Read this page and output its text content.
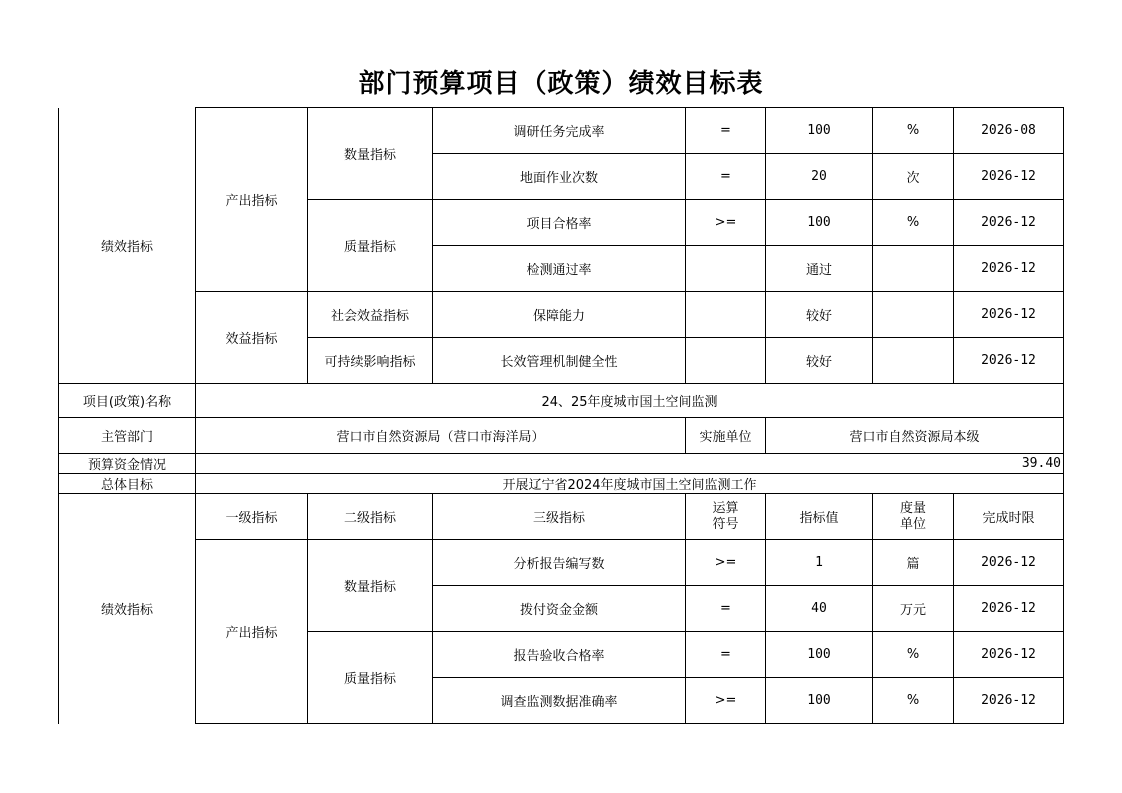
部门预算项目（政策）绩效目标表
绩效指标	产出指标	数量指标	调研任务完成率	=	100	%	2026-08
			地面作业次数	=	20	次	2026-12
		质量指标	项目合格率	>=	100	%	2026-12
			检测通过率		通过		2026-12
	效益指标	社会效益指标	保障能力		较好		2026-12
		可持续影响指标	长效管理机制健全性		较好		2026-12
项目(政策)名称	24、25年度城市国土空间监测						
主管部门	营口市自然资源局（营口市海洋局）			实施单位	营口市自然资源局本级		
预算资金情况	39.40						
总体目标	开展辽宁省2024年度城市国土空间监测工作						
绩效指标	一级指标	二级指标	三级指标	运算符号	指标值	度量单位	完成时限
	产出指标	数量指标	分析报告编写数	>=	1	篇	2026-12
			拨付资金金额	=	40	万元	2026-12
		质量指标	报告验收合格率	=	100	%	2026-12
			调查监测数据准确率	>=	100	%	2026-12
